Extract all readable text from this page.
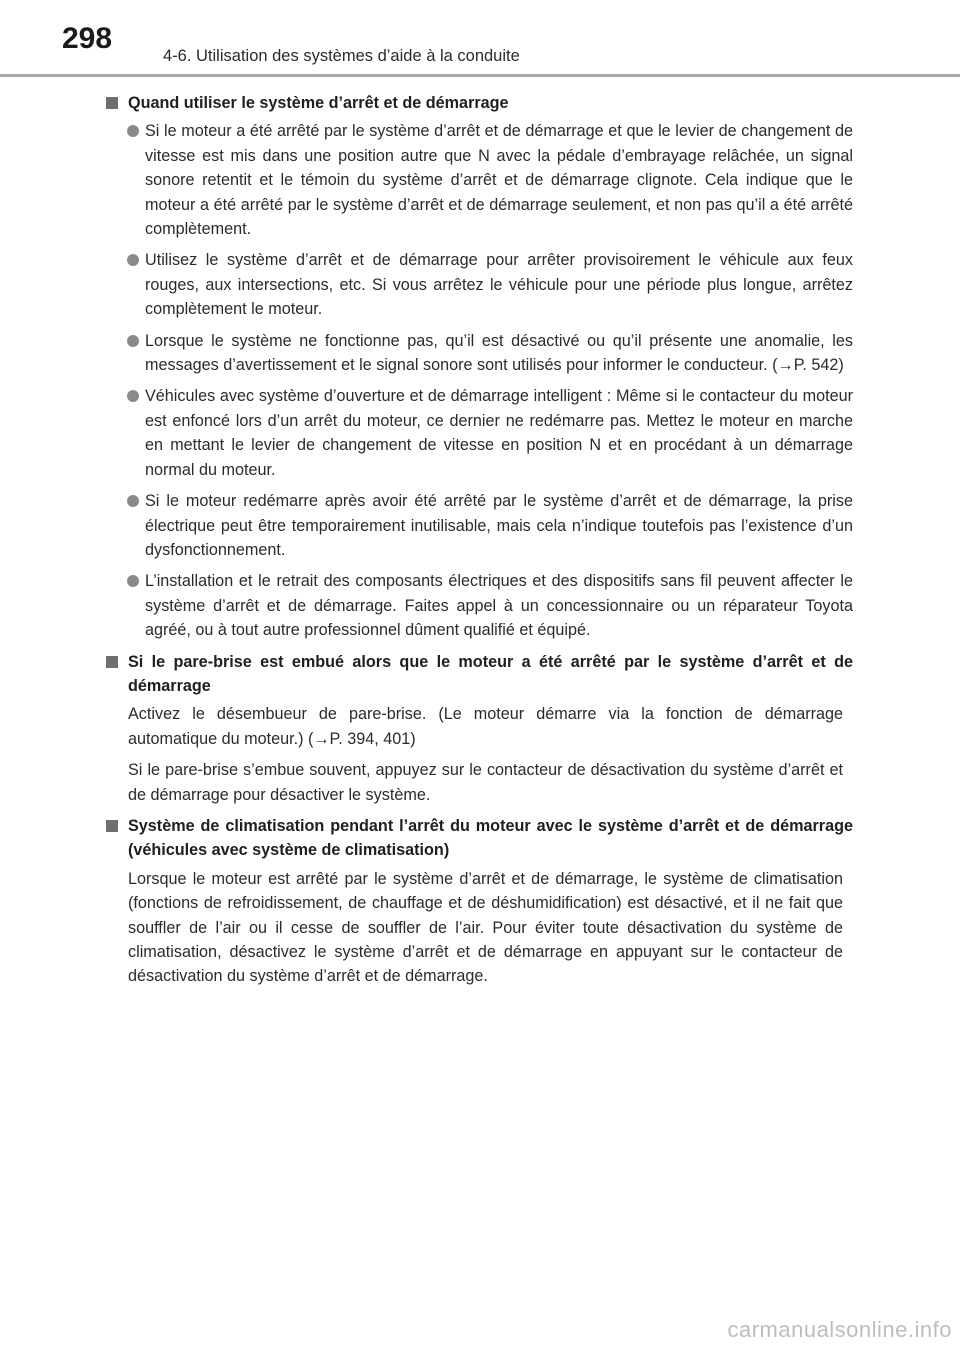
298
4-6. Utilisation des systèmes d’aide à la conduite
Quand utiliser le système d’arrêt et de démarrage
Si le moteur a été arrêté par le système d’arrêt et de démarrage et que le levier de changement de vitesse est mis dans une position autre que N avec la pédale d’embrayage relâchée, un signal sonore retentit et le témoin du système d’arrêt et de démarrage clignote. Cela indique que le moteur a été arrêté par le système d’arrêt et de démarrage seulement, et non pas qu’il a été arrêté complètement.
Utilisez le système d’arrêt et de démarrage pour arrêter provisoirement le véhicule aux feux rouges, aux intersections, etc. Si vous arrêtez le véhicule pour une période plus longue, arrêtez complètement le moteur.
Lorsque le système ne fonctionne pas, qu’il est désactivé ou qu’il présente une anomalie, les messages d’avertissement et le signal sonore sont utilisés pour informer le conducteur. (→P. 542)
Véhicules avec système d’ouverture et de démarrage intelligent : Même si le contacteur du moteur est enfoncé lors d’un arrêt du moteur, ce dernier ne redémarre pas. Mettez le moteur en marche en mettant le levier de changement de vitesse en position N et en procédant à un démarrage normal du moteur.
Si le moteur redémarre après avoir été arrêté par le système d’arrêt et de démarrage, la prise électrique peut être temporairement inutilisable, mais cela n’indique toutefois pas l’existence d’un dysfonctionnement.
L’installation et le retrait des composants électriques et des dispositifs sans fil peuvent affecter le système d’arrêt et de démarrage. Faites appel à un concessionnaire ou un réparateur Toyota agréé, ou à tout autre professionnel dûment qualifié et équipé.
Si le pare-brise est embué alors que le moteur a été arrêté par le système d’arrêt et de démarrage
Activez le désembueur de pare-brise. (Le moteur démarre via la fonction de démarrage automatique du moteur.) (→P. 394, 401)
Si le pare-brise s’embue souvent, appuyez sur le contacteur de désactivation du système d’arrêt et de démarrage pour désactiver le système.
Système de climatisation pendant l’arrêt du moteur avec le système d’arrêt et de démarrage (véhicules avec système de climatisation)
Lorsque le moteur est arrêté par le système d’arrêt et de démarrage, le système de climatisation (fonctions de refroidissement, de chauffage et de déshumidification) est désactivé, et il ne fait que souffler de l’air ou il cesse de souffler de l’air. Pour éviter toute désactivation du système de climatisation, désactivez le système d’arrêt et de démarrage en appuyant sur le contacteur de désactivation du système d’arrêt et de démarrage.
carmanualsonline.info
